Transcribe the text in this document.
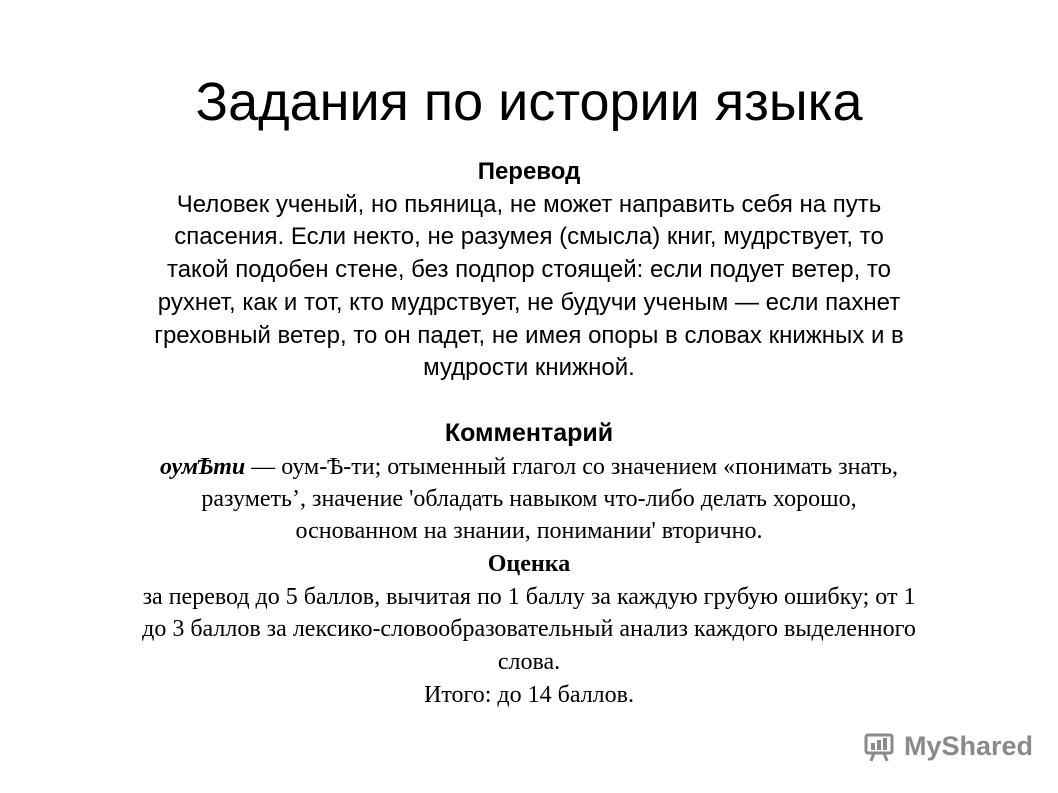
Задания по истории языка
Перевод
Человек ученый, но пьяница, не может направить себя на путь
спасения. Если некто, не разумея (смысла) книг, мудрствует, то
такой подобен стене, без подпор стоящей: если подует ветер, то
рухнет, как и тот, кто мудрствует, не будучи ученым — если пахнет
греховный ветер, то он падет, не имея опоры в словах книжных и в
мудрости книжной.
Комментарий
оумѢти — оум-Ѣ-ти; отыменный глагол со значением «понимать знать,
разуметь’, значение 'обладать навыком что-либо делать хорошо,
основанном на знании, понимании' вторично.
Оценка
за перевод до 5 баллов, вычитая по 1 баллу за каждую грубую ошибку; от 1
до 3 баллов за лексико-словообразовательный анализ каждого выделенного
слова.
Итого: до 14 баллов.
MyShared
